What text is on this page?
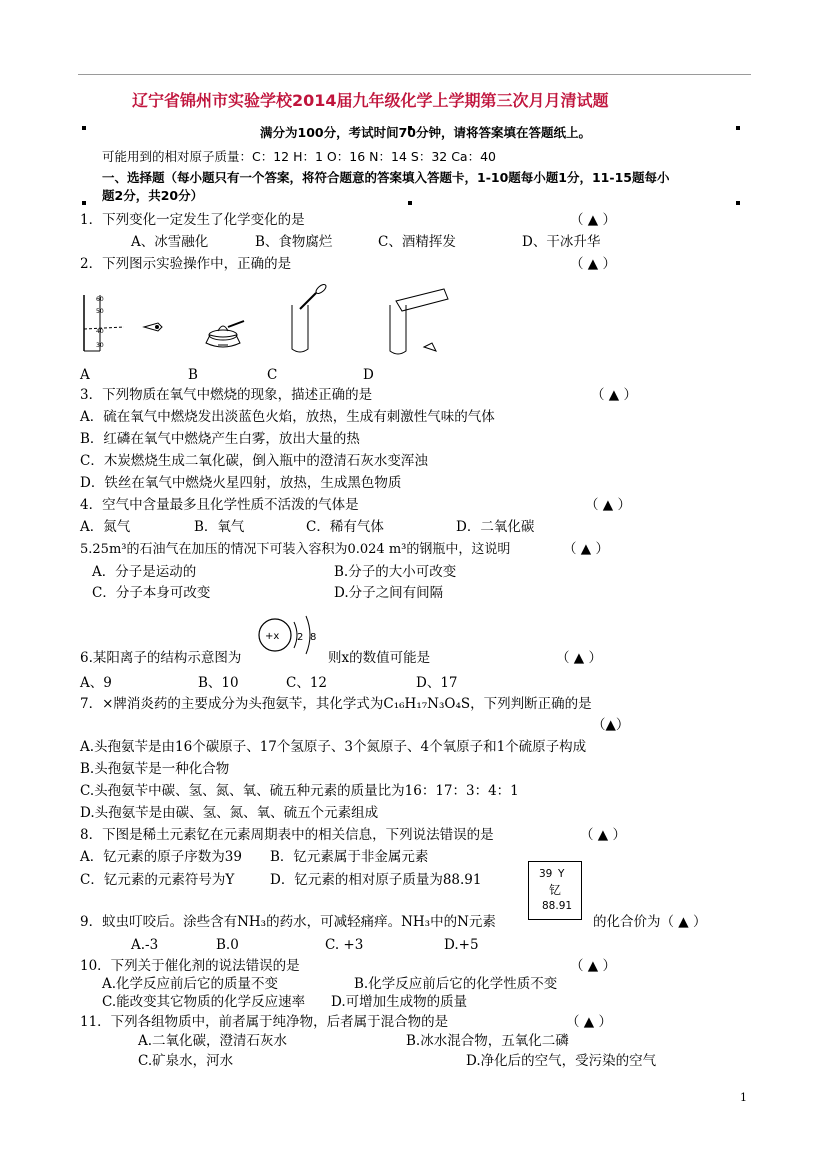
辽宁省锦州市实验学校2014届九年级化学上学期第三次月月清试题
满分为100分，考试时间70分钟，请将答案填在答题纸上。
可能用到的相对原子质量：C：12 H：1 O：16 N：14 S：32 Ca：40
一、选择题（每小题只有一个答案，将符合题意的答案填入答题卡，1-10题每小题1分，11-15题每小
题2分，共20分）
1．下列变化一定发生了化学变化的是	（ ▲ ）
A、冰雪融化	B、食物腐烂	C、酒精挥发	D、干冰升华
2．下列图示实验操作中，正确的是	（ ▲ ）
60
50
40
30
A	B	C	D
3．下列物质在氧气中燃烧的现象，描述正确的是	（ ▲ ）
A．硫在氧气中燃烧发出淡蓝色火焰，放热，生成有刺激性气味的气体
B．红磷在氧气中燃烧产生白雾，放出大量的热
C．木炭燃烧生成二氧化碳，倒入瓶中的澄清石灰水变浑浊
D．铁丝在氧气中燃烧火星四射，放热，生成黑色物质
4．空气中含量最多且化学性质不活泼的气体是	（ ▲ ）
A．氮气	B．氧气	C．稀有气体	D．二氧化碳
5.25m³的石油气在加压的情况下可装入容积为0.024 m³的钢瓶中，这说明	（ ▲ ）
A．分子是运动的	B.分子的大小可改变
C．分子本身可改变	D.分子之间有间隔
6.某阳离子的结构示意图为
+x 2 8
则x的数值可能是	（ ▲ ）
A、9	B、10	C、12	D、17
7．×牌消炎药的主要成分为头孢氨苄，其化学式为C₁₆H₁₇N₃O₄S，下列判断正确的是
（▲）
A.头孢氨苄是由16个碳原子、17个氢原子、3个氮原子、4个氧原子和1个硫原子构成
B.头孢氨苄是一种化合物
C.头孢氨苄中碳、氢、氮、氧、硫五种元素的质量比为16：17：3：4：1
D.头孢氨苄是由碳、氢、氮、氧、硫五个元素组成
8．下图是稀土元素钇在元素周期表中的相关信息，下列说法错误的是	（ ▲ ）
A．钇元素的原子序数为39 B．钇元素属于非金属元素
C．钇元素的元素符号为Y	D．钇元素的相对原子质量为88.91	39 Y
钇
88.91
9．蚊虫叮咬后。涂些含有NH₃的药水，可减轻痛痒。NH₃中的N元素	的化合价为（ ▲ ）
A.-3	B.0	C. +3	D.+5
10．下列关于催化剂的说法错误的是	（ ▲ ）
A.化学反应前后它的质量不变	B.化学反应前后它的化学性质不变
C.能改变其它物质的化学反应速率 D.可增加生成物的质量
11．下列各组物质中，前者属于纯净物，后者属于混合物的是	（ ▲ ）
A.二氧化碳，澄清石灰水	B.冰水混合物，五氧化二磷
C.矿泉水，河水	D.净化后的空气，受污染的空气
1
